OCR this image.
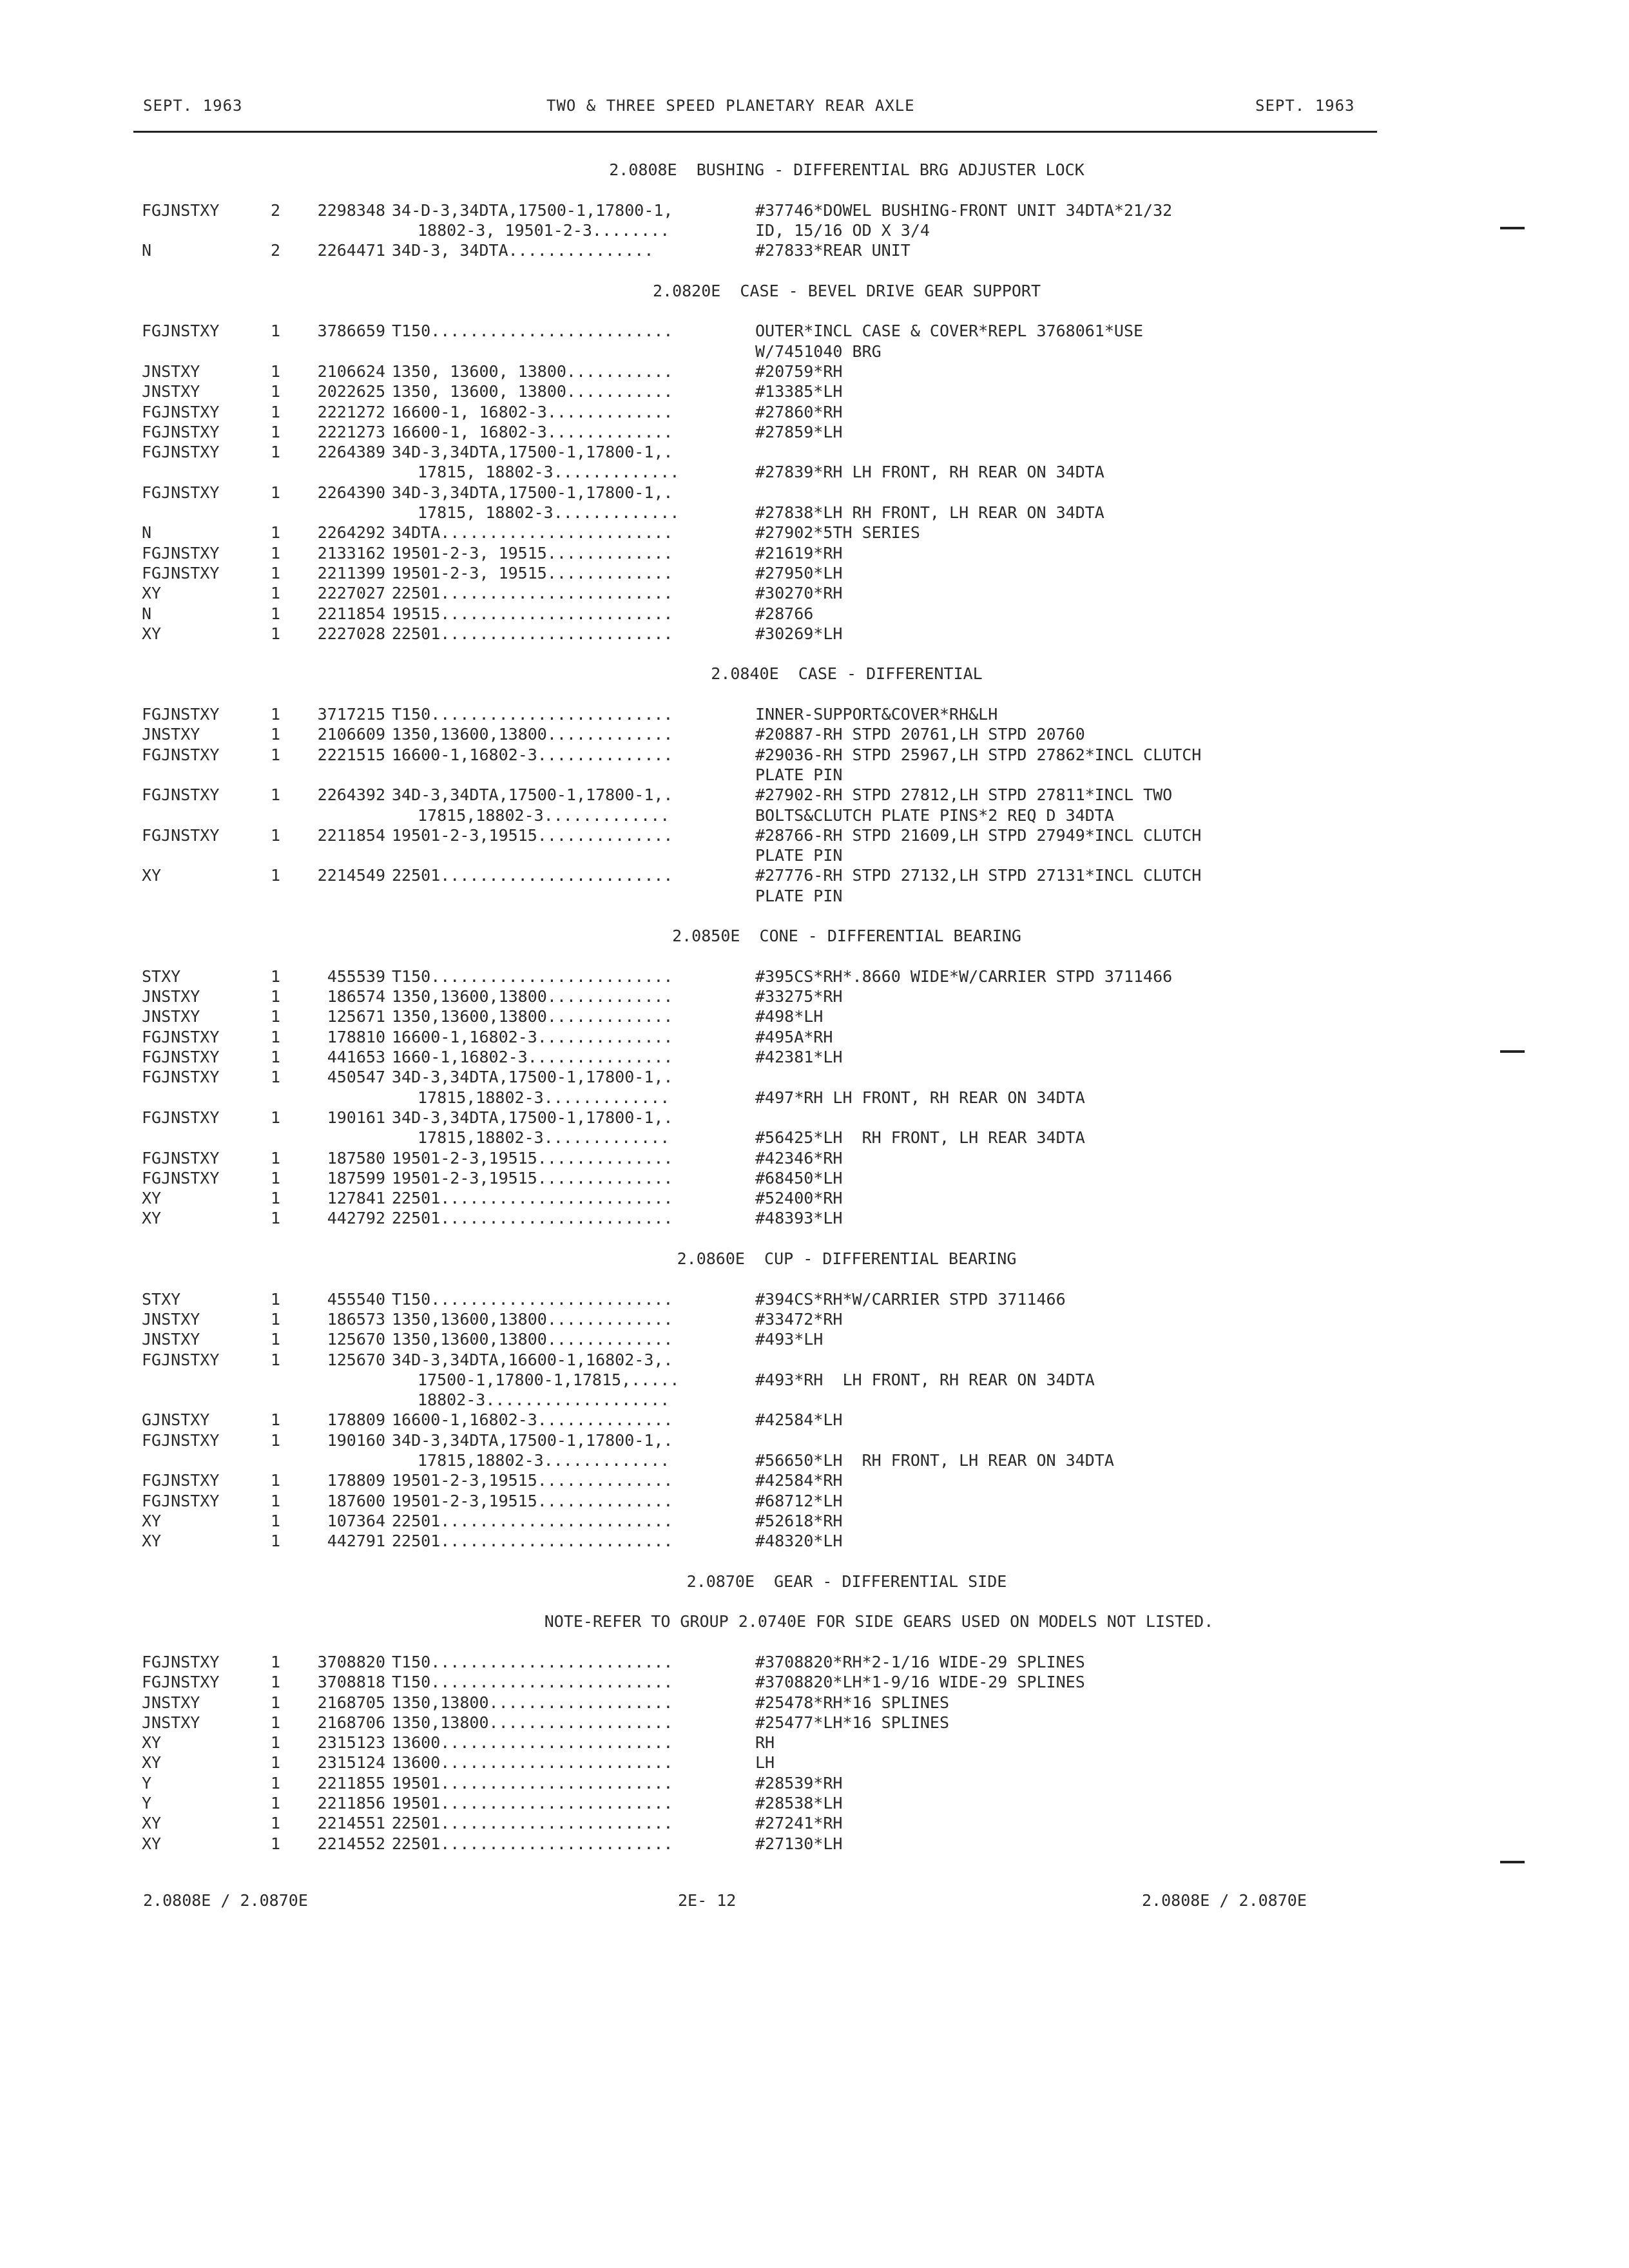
SEPT. 1963	TWO & THREE SPEED PLANETARY REAR AXLE	SEPT. 1963
2.0808E  BUSHING - DIFFERENTIAL BRG ADJUSTER LOCK
FGJNSTXY	2	2298348 34-D-3,34DTA,17500-1,17800-1,	#37746*DOWEL BUSHING-FRONT UNIT 34DTA*21/32
18802-3, 19501-2-3........	ID, 15/16 OD X 3/4
N	2	2264471 34D-3, 34DTA...............	#27833*REAR UNIT
2.0820E  CASE - BEVEL DRIVE GEAR SUPPORT
FGJNSTXY	1	3786659 T150.........................	OUTER*INCL CASE & COVER*REPL 3768061*USE
W/7451040 BRG
JNSTXY	1	2106624 1350, 13600, 13800...........	#20759*RH
JNSTXY	1	2022625 1350, 13600, 13800...........	#13385*LH
FGJNSTXY	1	2221272 16600-1, 16802-3.............	#27860*RH
FGJNSTXY	1	2221273 16600-1, 16802-3.............	#27859*LH
FGJNSTXY	1	2264389 34D-3,34DTA,17500-1,17800-1,.
17815, 18802-3.............	#27839*RH LH FRONT, RH REAR ON 34DTA
FGJNSTXY	1	2264390 34D-3,34DTA,17500-1,17800-1,.
17815, 18802-3.............	#27838*LH RH FRONT, LH REAR ON 34DTA
N	1	2264292 34DTA........................	#27902*5TH SERIES
FGJNSTXY	1	2133162 19501-2-3, 19515.............	#21619*RH
FGJNSTXY	1	2211399 19501-2-3, 19515.............	#27950*LH
XY	1	2227027 22501........................	#30270*RH
N	1	2211854 19515........................	#28766
XY	1	2227028 22501........................	#30269*LH
2.0840E  CASE - DIFFERENTIAL
FGJNSTXY	1	3717215 T150.........................	INNER-SUPPORT&COVER*RH&LH
JNSTXY	1	2106609 1350,13600,13800.............	#20887-RH STPD 20761,LH STPD 20760
FGJNSTXY	1	2221515 16600-1,16802-3..............	#29036-RH STPD 25967,LH STPD 27862*INCL CLUTCH
PLATE PIN
FGJNSTXY	1	2264392 34D-3,34DTA,17500-1,17800-1,.	#27902-RH STPD 27812,LH STPD 27811*INCL TWO
17815,18802-3.............	BOLTS&CLUTCH PLATE PINS*2 REQ D 34DTA
FGJNSTXY	1	2211854 19501-2-3,19515..............	#28766-RH STPD 21609,LH STPD 27949*INCL CLUTCH
PLATE PIN
XY	1	2214549 22501........................	#27776-RH STPD 27132,LH STPD 27131*INCL CLUTCH
PLATE PIN
2.0850E  CONE - DIFFERENTIAL BEARING
STXY	1	455539 T150.........................	#395CS*RH*.8660 WIDE*W/CARRIER STPD 3711466
JNSTXY	1	186574 1350,13600,13800.............	#33275*RH
JNSTXY	1	125671 1350,13600,13800.............	#498*LH
FGJNSTXY	1	178810 16600-1,16802-3..............	#495A*RH
FGJNSTXY	1	441653 1660-1,16802-3...............	#42381*LH
FGJNSTXY	1	450547 34D-3,34DTA,17500-1,17800-1,.
17815,18802-3.............	#497*RH LH FRONT, RH REAR ON 34DTA
FGJNSTXY	1	190161 34D-3,34DTA,17500-1,17800-1,.
17815,18802-3.............	#56425*LH  RH FRONT, LH REAR 34DTA
FGJNSTXY	1	187580 19501-2-3,19515..............	#42346*RH
FGJNSTXY	1	187599 19501-2-3,19515..............	#68450*LH
XY	1	127841 22501........................	#52400*RH
XY	1	442792 22501........................	#48393*LH
2.0860E  CUP - DIFFERENTIAL BEARING
STXY	1	455540 T150.........................	#394CS*RH*W/CARRIER STPD 3711466
JNSTXY	1	186573 1350,13600,13800.............	#33472*RH
JNSTXY	1	125670 1350,13600,13800.............	#493*LH
FGJNSTXY	1	125670 34D-3,34DTA,16600-1,16802-3,.
17500-1,17800-1,17815,.....	#493*RH  LH FRONT, RH REAR ON 34DTA
18802-3...................
GJNSTXY	1	178809 16600-1,16802-3..............	#42584*LH
FGJNSTXY	1	190160 34D-3,34DTA,17500-1,17800-1,.
17815,18802-3.............	#56650*LH  RH FRONT, LH REAR ON 34DTA
FGJNSTXY	1	178809 19501-2-3,19515..............	#42584*RH
FGJNSTXY	1	187600 19501-2-3,19515..............	#68712*LH
XY	1	107364 22501........................	#52618*RH
XY	1	442791 22501........................	#48320*LH
2.0870E  GEAR - DIFFERENTIAL SIDE
NOTE-REFER TO GROUP 2.0740E FOR SIDE GEARS USED ON MODELS NOT LISTED.
FGJNSTXY	1	3708820 T150.........................	#3708820*RH*2-1/16 WIDE-29 SPLINES
FGJNSTXY	1	3708818 T150.........................	#3708820*LH*1-9/16 WIDE-29 SPLINES
JNSTXY	1	2168705 1350,13800...................	#25478*RH*16 SPLINES
JNSTXY	1	2168706 1350,13800...................	#25477*LH*16 SPLINES
XY	1	2315123 13600........................	RH
XY	1	2315124 13600........................	LH
Y	1	2211855 19501........................	#28539*RH
Y	1	2211856 19501........................	#28538*LH
XY	1	2214551 22501........................	#27241*RH
XY	1	2214552 22501........................	#27130*LH
2.0808E / 2.0870E	2E- 12	2.0808E / 2.0870E
